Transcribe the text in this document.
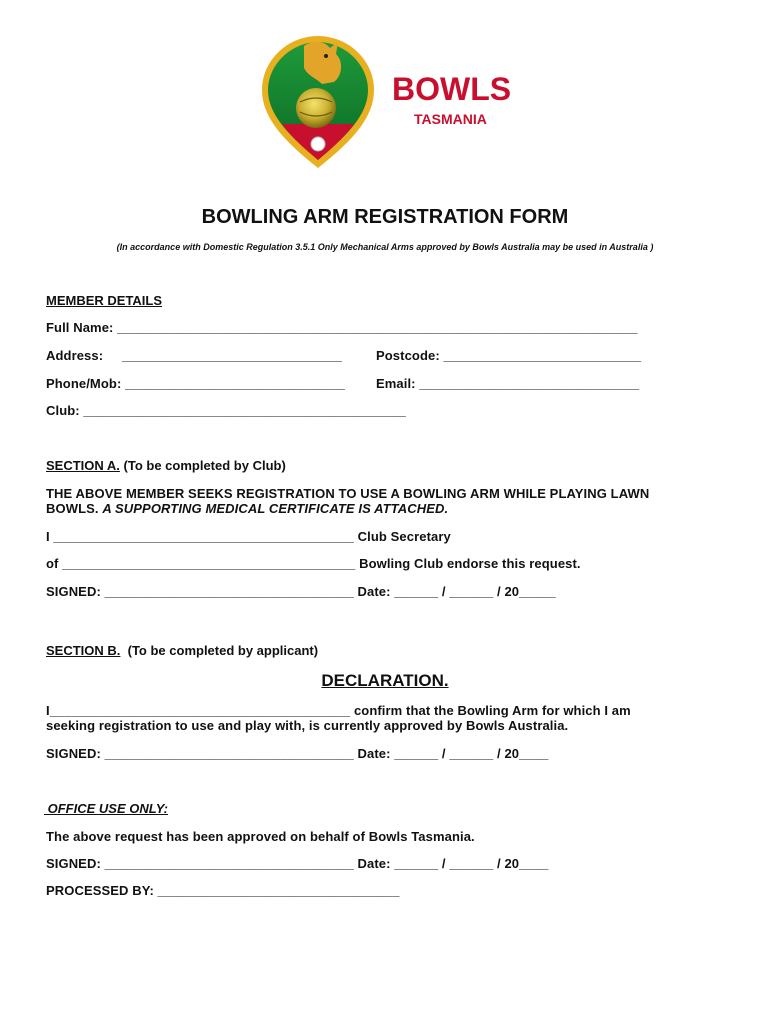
BOWLS
TASMANIA
BOWLING ARM REGISTRATION FORM
(In accordance with Domestic Regulation 3.5.1 Only Mechanical Arms approved by Bowls Australia may be used in Australia )
MEMBER DETAILS
Full Name: _______________________________________________________________________
Address: ______________________________	Postcode: ___________________________
Phone/Mob: ______________________________ Email: ______________________________
Club: ____________________________________________
SECTION A. (To be completed by Club)
THE ABOVE MEMBER SEEKS REGISTRATION TO USE A BOWLING ARM WHILE PLAYING LAWN
BOWLS. A SUPPORTING MEDICAL CERTIFICATE IS ATTACHED.
I _________________________________________ Club Secretary
of ________________________________________ Bowling Club endorse this request.
SIGNED: __________________________________ Date: ______ / ______ / 20_____
SECTION B.  (To be completed by applicant)
DECLARATION.
I_________________________________________ confirm that the Bowling Arm for which I am
seeking registration to use and play with, is currently approved by Bowls Australia.
SIGNED: __________________________________ Date: ______ / ______ / 20____
OFFICE USE ONLY:
The above request has been approved on behalf of Bowls Tasmania.
SIGNED: __________________________________ Date: ______ / ______ / 20____
PROCESSED BY: _________________________________
